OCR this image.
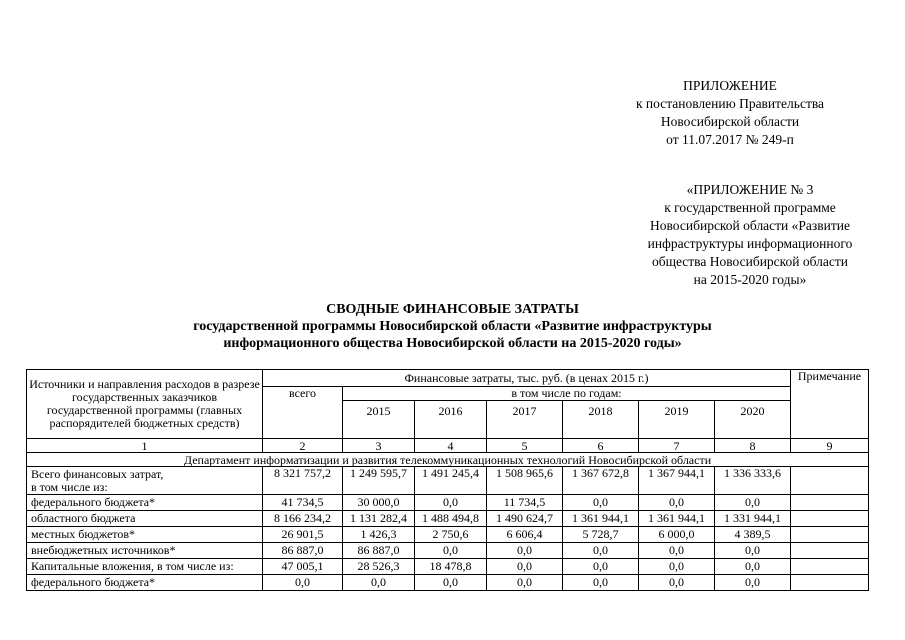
ПРИЛОЖЕНИЕ
к постановлению Правительства
Новосибирской области
от 11.07.2017 № 249-п
«ПРИЛОЖЕНИЕ № 3
к государственной программе
Новосибирской области «Развитие
инфраструктуры информационного
общества Новосибирской области
на 2015-2020 годы»
СВОДНЫЕ ФИНАНСОВЫЕ ЗАТРАТЫ
государственной программы Новосибирской области «Развитие инфраструктуры
информационного общества Новосибирской области на 2015-2020 годы»
Источники и направления расходов в разрезе государственных заказчиков государственной программы (главных распорядителей бюджетных средств)	Финансовые затраты, тыс. руб. (в ценах 2015 г.)							Примечание
	всего	в том числе по годам:						
		2015	2016	2017	2018	2019	2020	
1	2	3	4	5	6	7	8	9
Департамент информатизации и развития телекоммуникационных технологий Новосибирской области								
Всего финансовых затрат,
в том числе из:	8 321 757,2	1 249 595,7	1 491 245,4	1 508 965,6	1 367 672,8	1 367 944,1	1 336 333,6	
федерального бюджета*	41 734,5	30 000,0	0,0	11 734,5	0,0	0,0	0,0	
областного бюджета	8 166 234,2	1 131 282,4	1 488 494,8	1 490 624,7	1 361 944,1	1 361 944,1	1 331 944,1	
местных бюджетов*	26 901,5	1 426,3	2 750,6	6 606,4	5 728,7	6 000,0	4 389,5	
внебюджетных источников*	86 887,0	86 887,0	0,0	0,0	0,0	0,0	0,0	
Капитальные вложения, в том числе из:	47 005,1	28 526,3	18 478,8	0,0	0,0	0,0	0,0	
федерального бюджета*	0,0	0,0	0,0	0,0	0,0	0,0	0,0	
